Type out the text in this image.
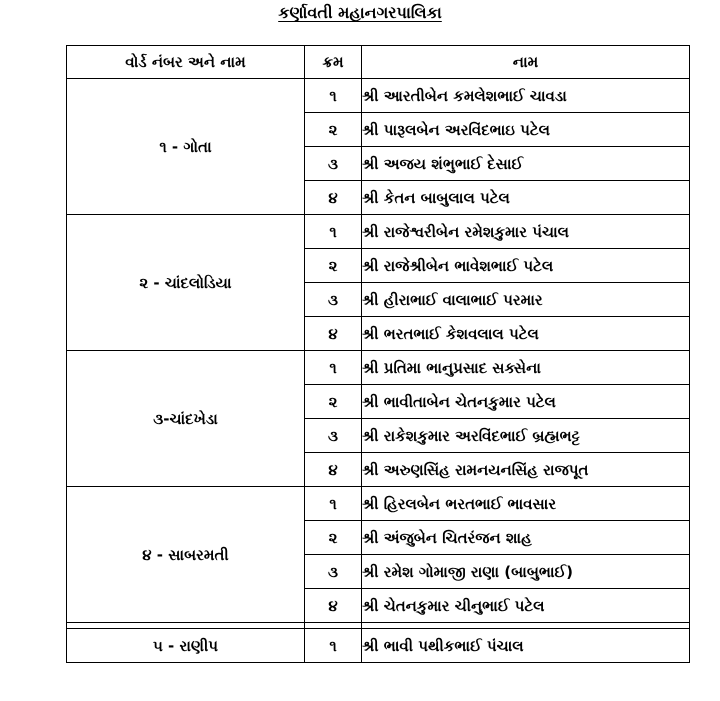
કર્ણાવતી મહાનગરપાલિકા
વોર્ડ નંબર અને નામ	ક્રમ	નામ
૧ - ગોતા	૧	શ્રી આરતીબેન કમલેશભાઈ ચાવડા
	૨	શ્રી પારૂલબેન અરવિંદભાઇ પટેલ
	૩	શ્રી અજય શંભુભાઈ દેસાઈ
	૪	શ્રી કેતન બાબુલાલ પટેલ
૨ - ચાંદલોડિયા	૧	શ્રી રાજેશ્વરીબેન રમેશકુમાર પંચાલ
	૨	શ્રી રાજેશ્રીબેન ભાવેશભાઈ પટેલ
	૩	શ્રી હીરાભાઈ વાલાભાઈ પરમાર
	૪	શ્રી ભરતભાઈ કેશવલાલ પટેલ
૩-ચાંદખેડા	૧	શ્રી પ્રતિમા ભાનુપ્રસાદ સક્સેના
	૨	શ્રી ભાવીતાબેન ચેતનકુમાર પટેલ
	૩	શ્રી રાકેશકુમાર અરવિંદભાઈ બ્રહ્મભટ્ટ
	૪	શ્રી અરુણસિંહ રામનયનસિંહ રાજપૂત
૪ - સાબરમતી	૧	શ્રી હિરલબેન ભરતભાઈ ભાવસાર
	૨	શ્રી અંજુબેન ચિતરંજન શાહ
	૩	શ્રી રમેશ ગોમાજી રાણા (બાબુભાઈ)
	૪	શ્રી ચેતનકુમાર ચીનુભાઈ પટેલ

૫ - રાણીપ	૧	શ્રી ભાવી પથીકભાઈ પંચાલ
